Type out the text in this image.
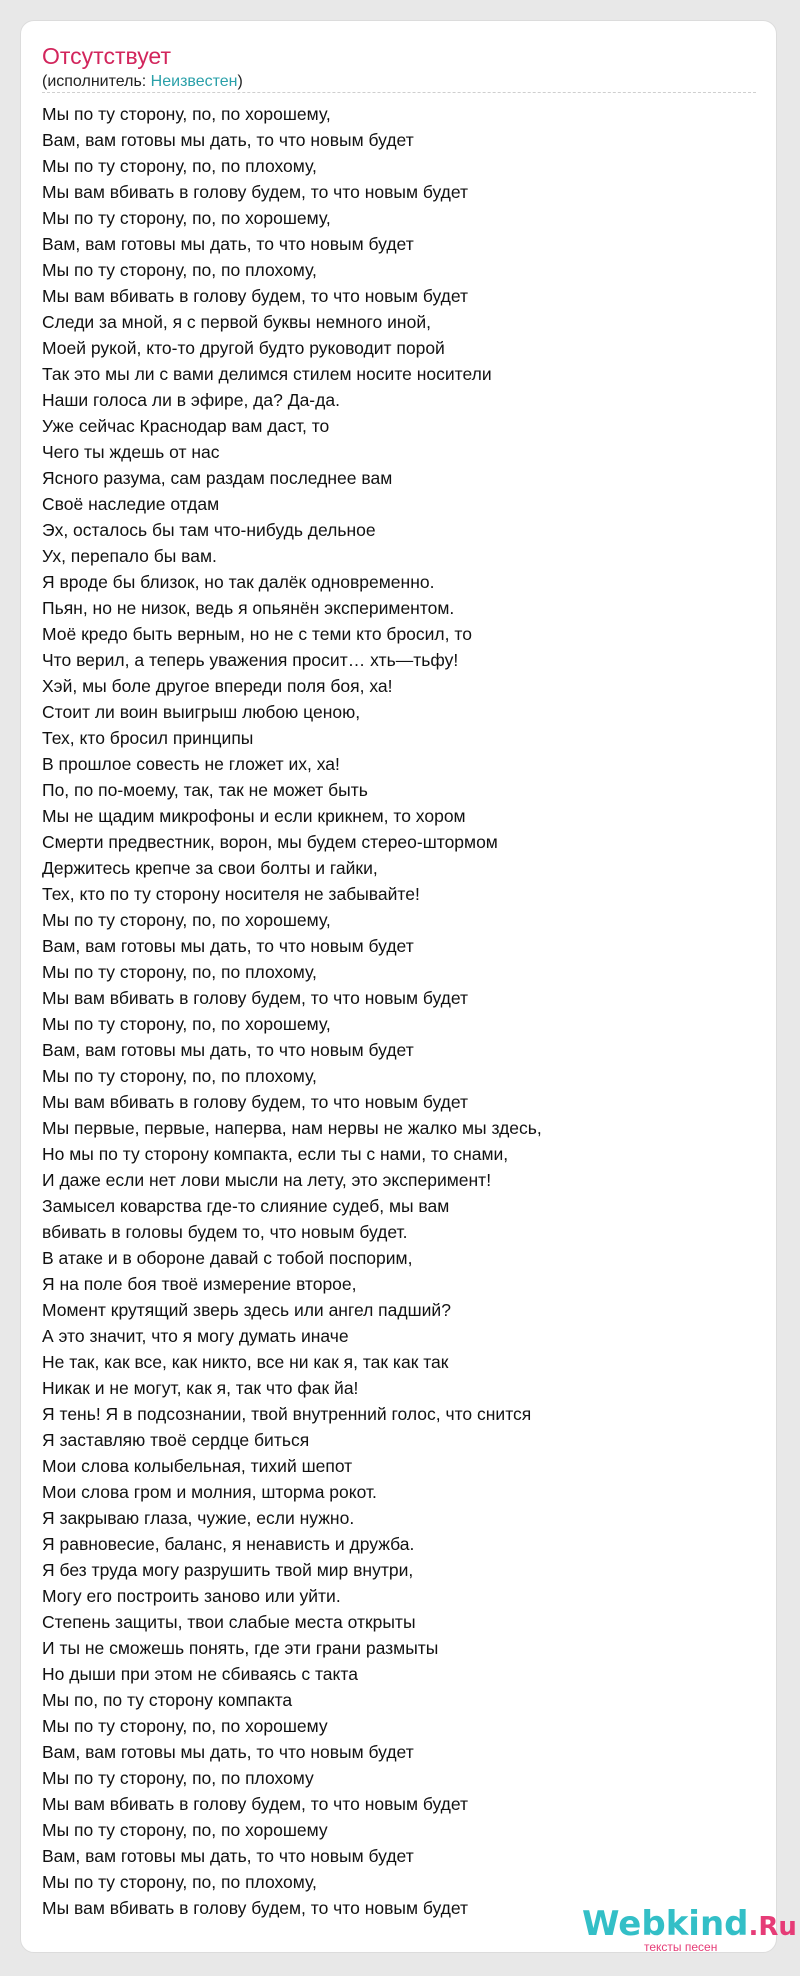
Отсутствует
(исполнитель: Неизвестен)
Мы по ту сторону, по, по хорошему,
Вам, вам готовы мы дать, то что новым будет
Мы по ту сторону, по, по плохому,
Мы вам вбивать в голову будем, то что новым будет
Мы по ту сторону, по, по хорошему,
Вам, вам готовы мы дать, то что новым будет
Мы по ту сторону, по, по плохому,
Мы вам вбивать в голову будем, то что новым будет
Следи за мной, я с первой буквы немного иной,
Моей рукой, кто-то другой будто руководит порой
Так это мы ли с вами делимся стилем носите носители
Наши голоса ли в эфире, да? Да-да.
Уже сейчас Краснодар вам даст, то
Чего ты ждешь от нас
Ясного разума, сам раздам последнее вам
Своё наследие отдам
Эх, осталось бы там что-нибудь дельное
Ух, перепало бы вам.
Я вроде бы близок, но так далёк одновременно.
Пьян, но не низок, ведь я опьянён экспериментом.
Моё кредо быть верным, но не с теми кто бросил, то
Что верил, а теперь уважения просит… хть—тьфу!
Хэй, мы боле другое впереди поля боя, ха!
Стоит ли воин выигрыш любою ценою,
Тех, кто бросил принципы
В прошлое совесть не гложет их, ха!
По, по по-моему, так, так не может быть
Мы не щадим микрофоны и если крикнем, то хором
Смерти предвестник, ворон, мы будем стерео-штормом
Держитесь крепче за свои болты и гайки,
Тех, кто по ту сторону носителя не забывайте!
Мы по ту сторону, по, по хорошему,
Вам, вам готовы мы дать, то что новым будет
Мы по ту сторону, по, по плохому,
Мы вам вбивать в голову будем, то что новым будет
Мы по ту сторону, по, по хорошему,
Вам, вам готовы мы дать, то что новым будет
Мы по ту сторону, по, по плохому,
Мы вам вбивать в голову будем, то что новым будет
Мы первые, первые, наперва, нам нервы не жалко мы здесь,
Но мы по ту сторону компакта, если ты с нами, то снами,
И даже если нет лови мысли на лету, это эксперимент!
Замысел коварства где-то слияние судеб, мы вам
вбивать в головы будем то, что новым будет.
В атаке и в обороне давай с тобой поспорим,
Я на поле боя твоё измерение второе,
Момент крутящий зверь здесь или ангел падший?
А это значит, что я могу думать иначе
Не так, как все, как никто, все ни как я, так как так
Никак и не могут, как я, так что фак йа!
Я тень! Я в подсознании, твой внутренний голос, что снится
Я заставляю твоё сердце биться
Мои слова колыбельная, тихий шепот
Мои слова гром и молния, шторма рокот.
Я закрываю глаза, чужие, если нужно.
Я равновесие, баланс, я ненависть и дружба.
Я без труда могу разрушить твой мир внутри,
Могу его построить заново или уйти.
Степень защиты, твои слабые места открыты
И ты не сможешь понять, где эти грани размыты
Но дыши при этом не сбиваясь с такта
Мы по, по ту сторону компакта
Мы по ту сторону, по, по хорошему
Вам, вам готовы мы дать, то что новым будет
Мы по ту сторону, по, по плохому
Мы вам вбивать в голову будем, то что новым будет
Мы по ту сторону, по, по хорошему
Вам, вам готовы мы дать, то что новым будет
Мы по ту сторону, по, по плохому,
Мы вам вбивать в голову будем, то что новым будет	Webkind.Ru
тексты песен
